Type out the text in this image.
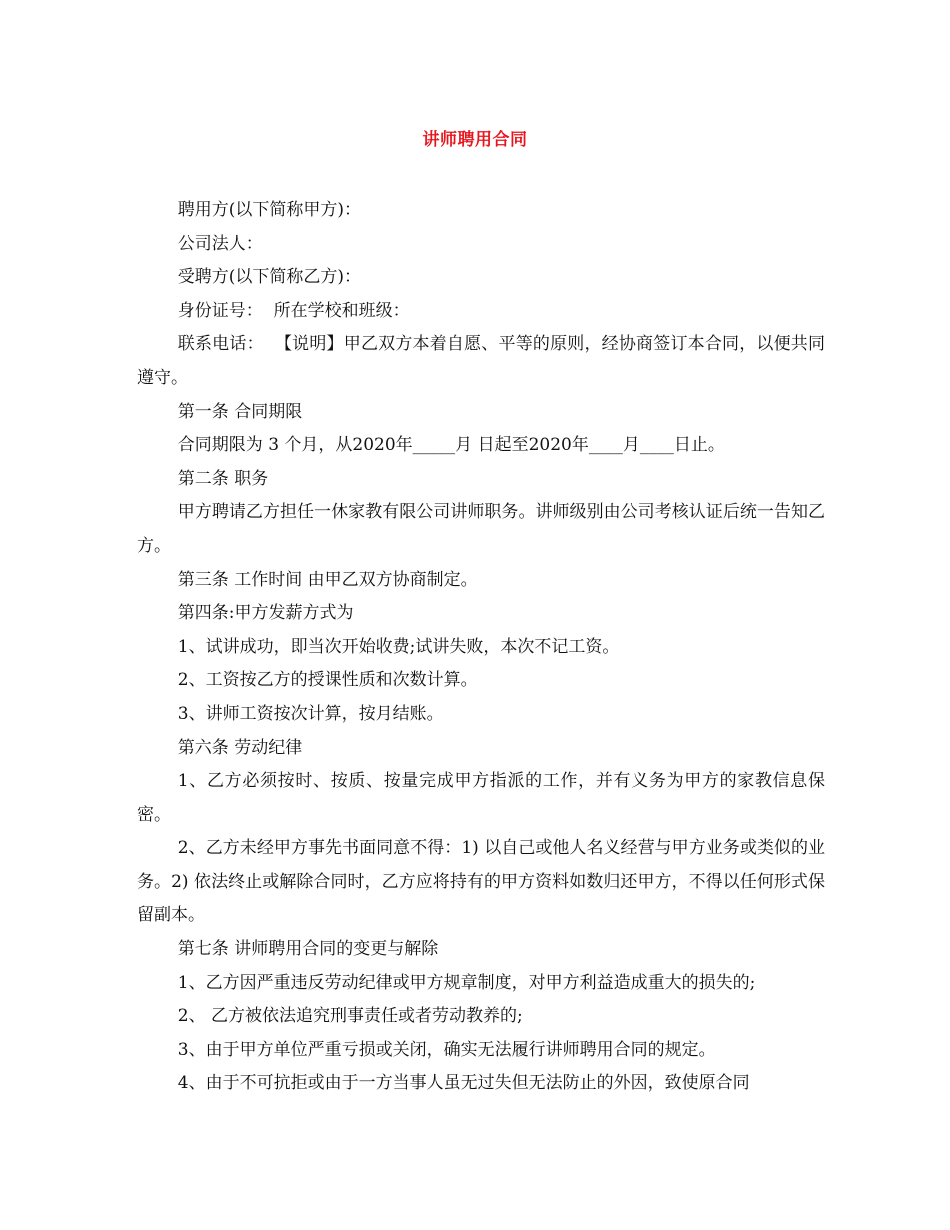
讲师聘用合同

聘用方(以下简称甲方)：

公司法人：

受聘方(以下简称乙方)：

身份证号：  所在学校和班级：

联系电话：  【说明】甲乙双方本着自愿、平等的原则，经协商签订本合同，以便共同遵守。

第一条 合同期限

合同期限为 3 个月，从2020年_____月 日起至2020年____月____日止。

第二条 职务

甲方聘请乙方担任一休家教有限公司讲师职务。讲师级别由公司考核认证后统一告知乙方。

第三条 工作时间 由甲乙双方协商制定。

第四条:甲方发薪方式为

1、试讲成功，即当次开始收费;试讲失败，本次不记工资。

2、工资按乙方的授课性质和次数计算。

3、讲师工资按次计算，按月结账。

第六条 劳动纪律

1、乙方必须按时、按质、按量完成甲方指派的工作，并有义务为甲方的家教信息保密。

2、乙方未经甲方事先书面同意不得：1) 以自己或他人名义经营与甲方业务或类似的业务。2) 依法终止或解除合同时，乙方应将持有的甲方资料如数归还甲方，不得以任何形式保留副本。

第七条 讲师聘用合同的变更与解除

1、乙方因严重违反劳动纪律或甲方规章制度，对甲方利益造成重大的损失的;

2、 乙方被依法追究刑事责任或者劳动教养的;

3、由于甲方单位严重亏损或关闭，确实无法履行讲师聘用合同的规定。

4、由于不可抗拒或由于一方当事人虽无过失但无法防止的外因，致使原合同
